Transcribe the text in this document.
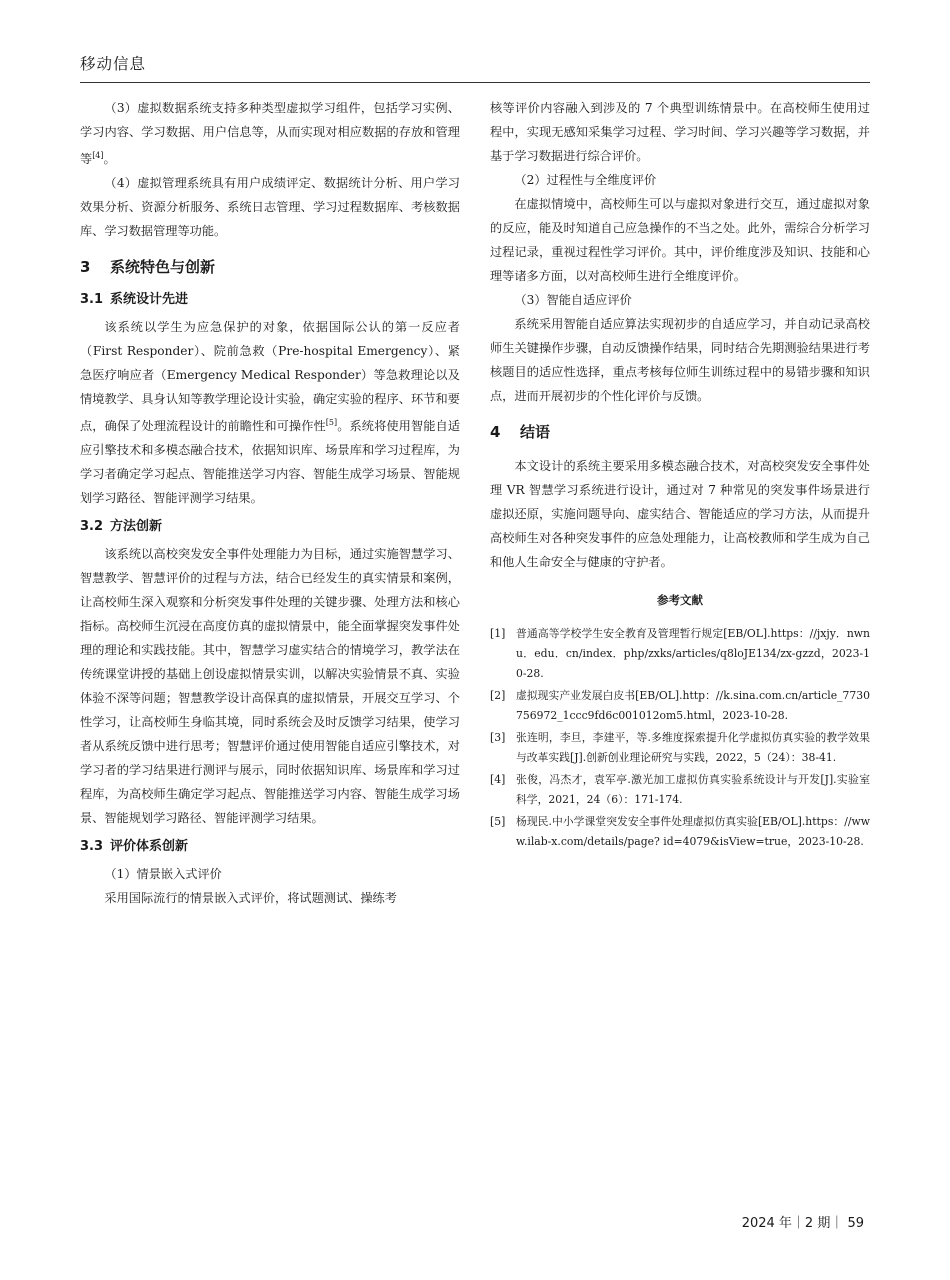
移动信息

（3）虚拟数据系统支持多种类型虚拟学习组件，包括学习实例、学习内容、学习数据、用户信息等，从而实现对相应数据的存放和管理等[4]。

（4）虚拟管理系统具有用户成绩评定、数据统计分析、用户学习效果分析、资源分析服务、系统日志管理、学习过程数据库、考核数据库、学习数据管理等功能。

3 系统特色与创新
3.1 系统设计先进

该系统以学生为应急保护的对象，依据国际公认的第一反应者（First Responder）、院前急救（Pre-hospital Emergency）、紧急医疗响应者（Emergency Medical Responder）等急救理论以及情境教学、具身认知等教学理论设计实验，确定实验的程序、环节和要点，确保了处理流程设计的前瞻性和可操作性[5]。系统将使用智能自适应引擎技术和多模态融合技术，依据知识库、场景库和学习过程库，为学习者确定学习起点、智能推送学习内容、智能生成学习场景、智能规划学习路径、智能评测学习结果。

3.2 方法创新

该系统以高校突发安全事件处理能力为目标，通过实施智慧学习、智慧教学、智慧评价的过程与方法，结合已经发生的真实情景和案例，让高校师生深入观察和分析突发事件处理的关键步骤、处理方法和核心指标。高校师生沉浸在高度仿真的虚拟情景中，能全面掌握突发事件处理的理论和实践技能。其中，智慧学习虚实结合的情境学习，教学法在传统课堂讲授的基础上创设虚拟情景实训，以解决实验情景不真、实验体验不深等问题；智慧教学设计高保真的虚拟情景，开展交互学习、个性学习，让高校师生身临其境，同时系统会及时反馈学习结果，使学习者从系统反馈中进行思考；智慧评价通过使用智能自适应引擎技术，对学习者的学习结果进行测评与展示，同时依据知识库、场景库和学习过程库，为高校师生确定学习起点、智能推送学习内容、智能生成学习场景、智能规划学习路径、智能评测学习结果。

3.3 评价体系创新

（1）情景嵌入式评价

采用国际流行的情景嵌入式评价，将试题测试、操练考

核等评价内容融入到涉及的 7 个典型训练情景中。在高校师生使用过程中，实现无感知采集学习过程、学习时间、学习兴趣等学习数据，并基于学习数据进行综合评价。

（2）过程性与全维度评价

在虚拟情境中，高校师生可以与虚拟对象进行交互，通过虚拟对象的反应，能及时知道自己应急操作的不当之处。此外，需综合分析学习过程记录，重视过程性学习评价。其中，评价维度涉及知识、技能和心理等诸多方面，以对高校师生进行全维度评价。

（3）智能自适应评价

系统采用智能自适应算法实现初步的自适应学习，并自动记录高校师生关键操作步骤，自动反馈操作结果，同时结合先期测验结果进行考核题目的适应性选择，重点考核每位师生训练过程中的易错步骤和知识点，进而开展初步的个性化评价与反馈。

4 结语

本文设计的系统主要采用多模态融合技术，对高校突发安全事件处理 VR 智慧学习系统进行设计，通过对 7 种常见的突发事件场景进行虚拟还原，实施问题导向、虚实结合、智能适应的学习方法，从而提升高校师生对各种突发事件的应急处理能力，让高校教师和学生成为自己和他人生命安全与健康的守护者。

参考文献
[1] 普通高等学校学生安全教育及管理暂行规定[EB/OL].https：//jxjy．nwnu．edu．cn/index．php/zxks/articles/q8loJE134/zx-gzzd，2023-10-28.
[2] 虚拟现实产业发展白皮书[EB/OL].http：//k.sina.com.cn/article_7730756972_1ccc9fd6c001012om5.html，2023-10-28.
[3] 张连明，李旦，李建平，等.多维度探索提升化学虚拟仿真实验的教学效果与改革实践[J].创新创业理论研究与实践，2022，5（24）：38-41.
[4] 张俊，冯杰才，袁军亭.激光加工虚拟仿真实验系统设计与开发[J].实验室科学，2021，24（6）：171-174.
[5] 杨现民.中小学课堂突发安全事件处理虚拟仿真实验[EB/OL].https：//www.ilab-x.com/details/page? id=4079&isView=true，2023-10-28.
2024 年｜2 期｜ 59
